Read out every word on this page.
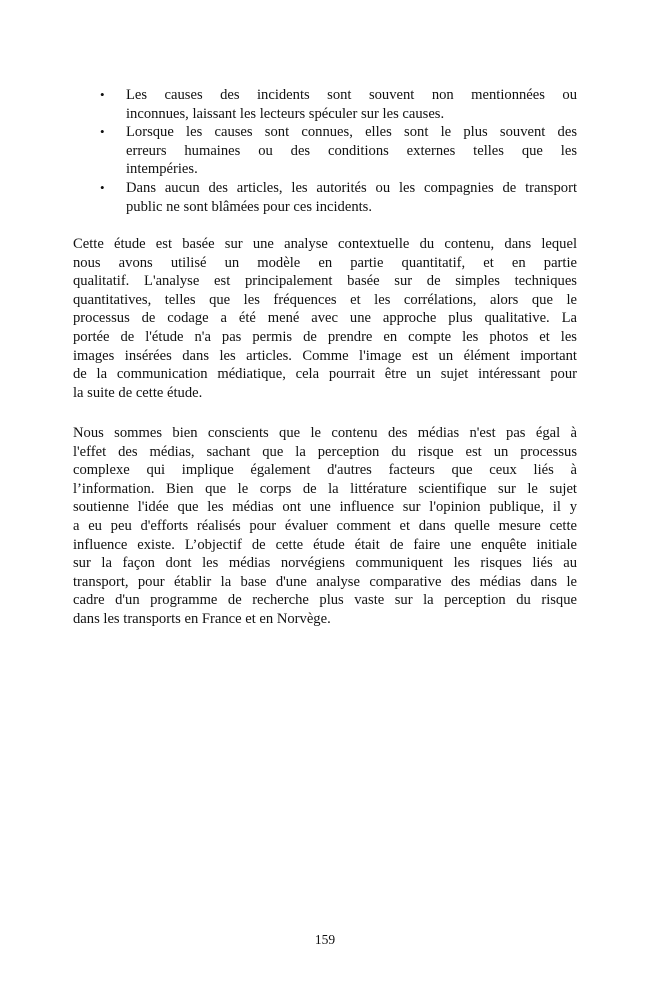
• Les causes des incidents sont souvent non mentionnées ou
inconnues, laissant les lecteurs spéculer sur les causes.
• Lorsque les causes sont connues, elles sont le plus souvent des
erreurs humaines ou des conditions externes telles que les
intempéries.
• Dans aucun des articles, les autorités ou les compagnies de transport
public ne sont blâmées pour ces incidents.
Cette étude est basée sur une analyse contextuelle du contenu, dans lequel
nous avons utilisé un modèle en partie quantitatif, et en partie
qualitatif. L'analyse est principalement basée sur de simples techniques
quantitatives, telles que les fréquences et les corrélations, alors que le
processus de codage a été mené avec une approche plus qualitative. La
portée de l'étude n'a pas permis de prendre en compte les photos et les
images insérées dans les articles. Comme l'image est un élément important
de la communication médiatique, cela pourrait être un sujet intéressant pour
la suite de cette étude.
Nous sommes bien conscients que le contenu des médias n'est pas égal à
l'effet des médias, sachant que la perception du risque est un processus
complexe qui implique également d'autres facteurs que ceux liés à
l’information. Bien que le corps de la littérature scientifique sur le sujet
soutienne l'idée que les médias ont une influence sur l'opinion publique, il y
a eu peu d'efforts réalisés pour évaluer comment et dans quelle mesure cette
influence existe. L’objectif de cette étude était de faire une enquête initiale
sur la façon dont les médias norvégiens communiquent les risques liés au
transport, pour établir la base d'une analyse comparative des médias dans le
cadre d'un programme de recherche plus vaste sur la perception du risque
dans les transports en France et en Norvège.
159
